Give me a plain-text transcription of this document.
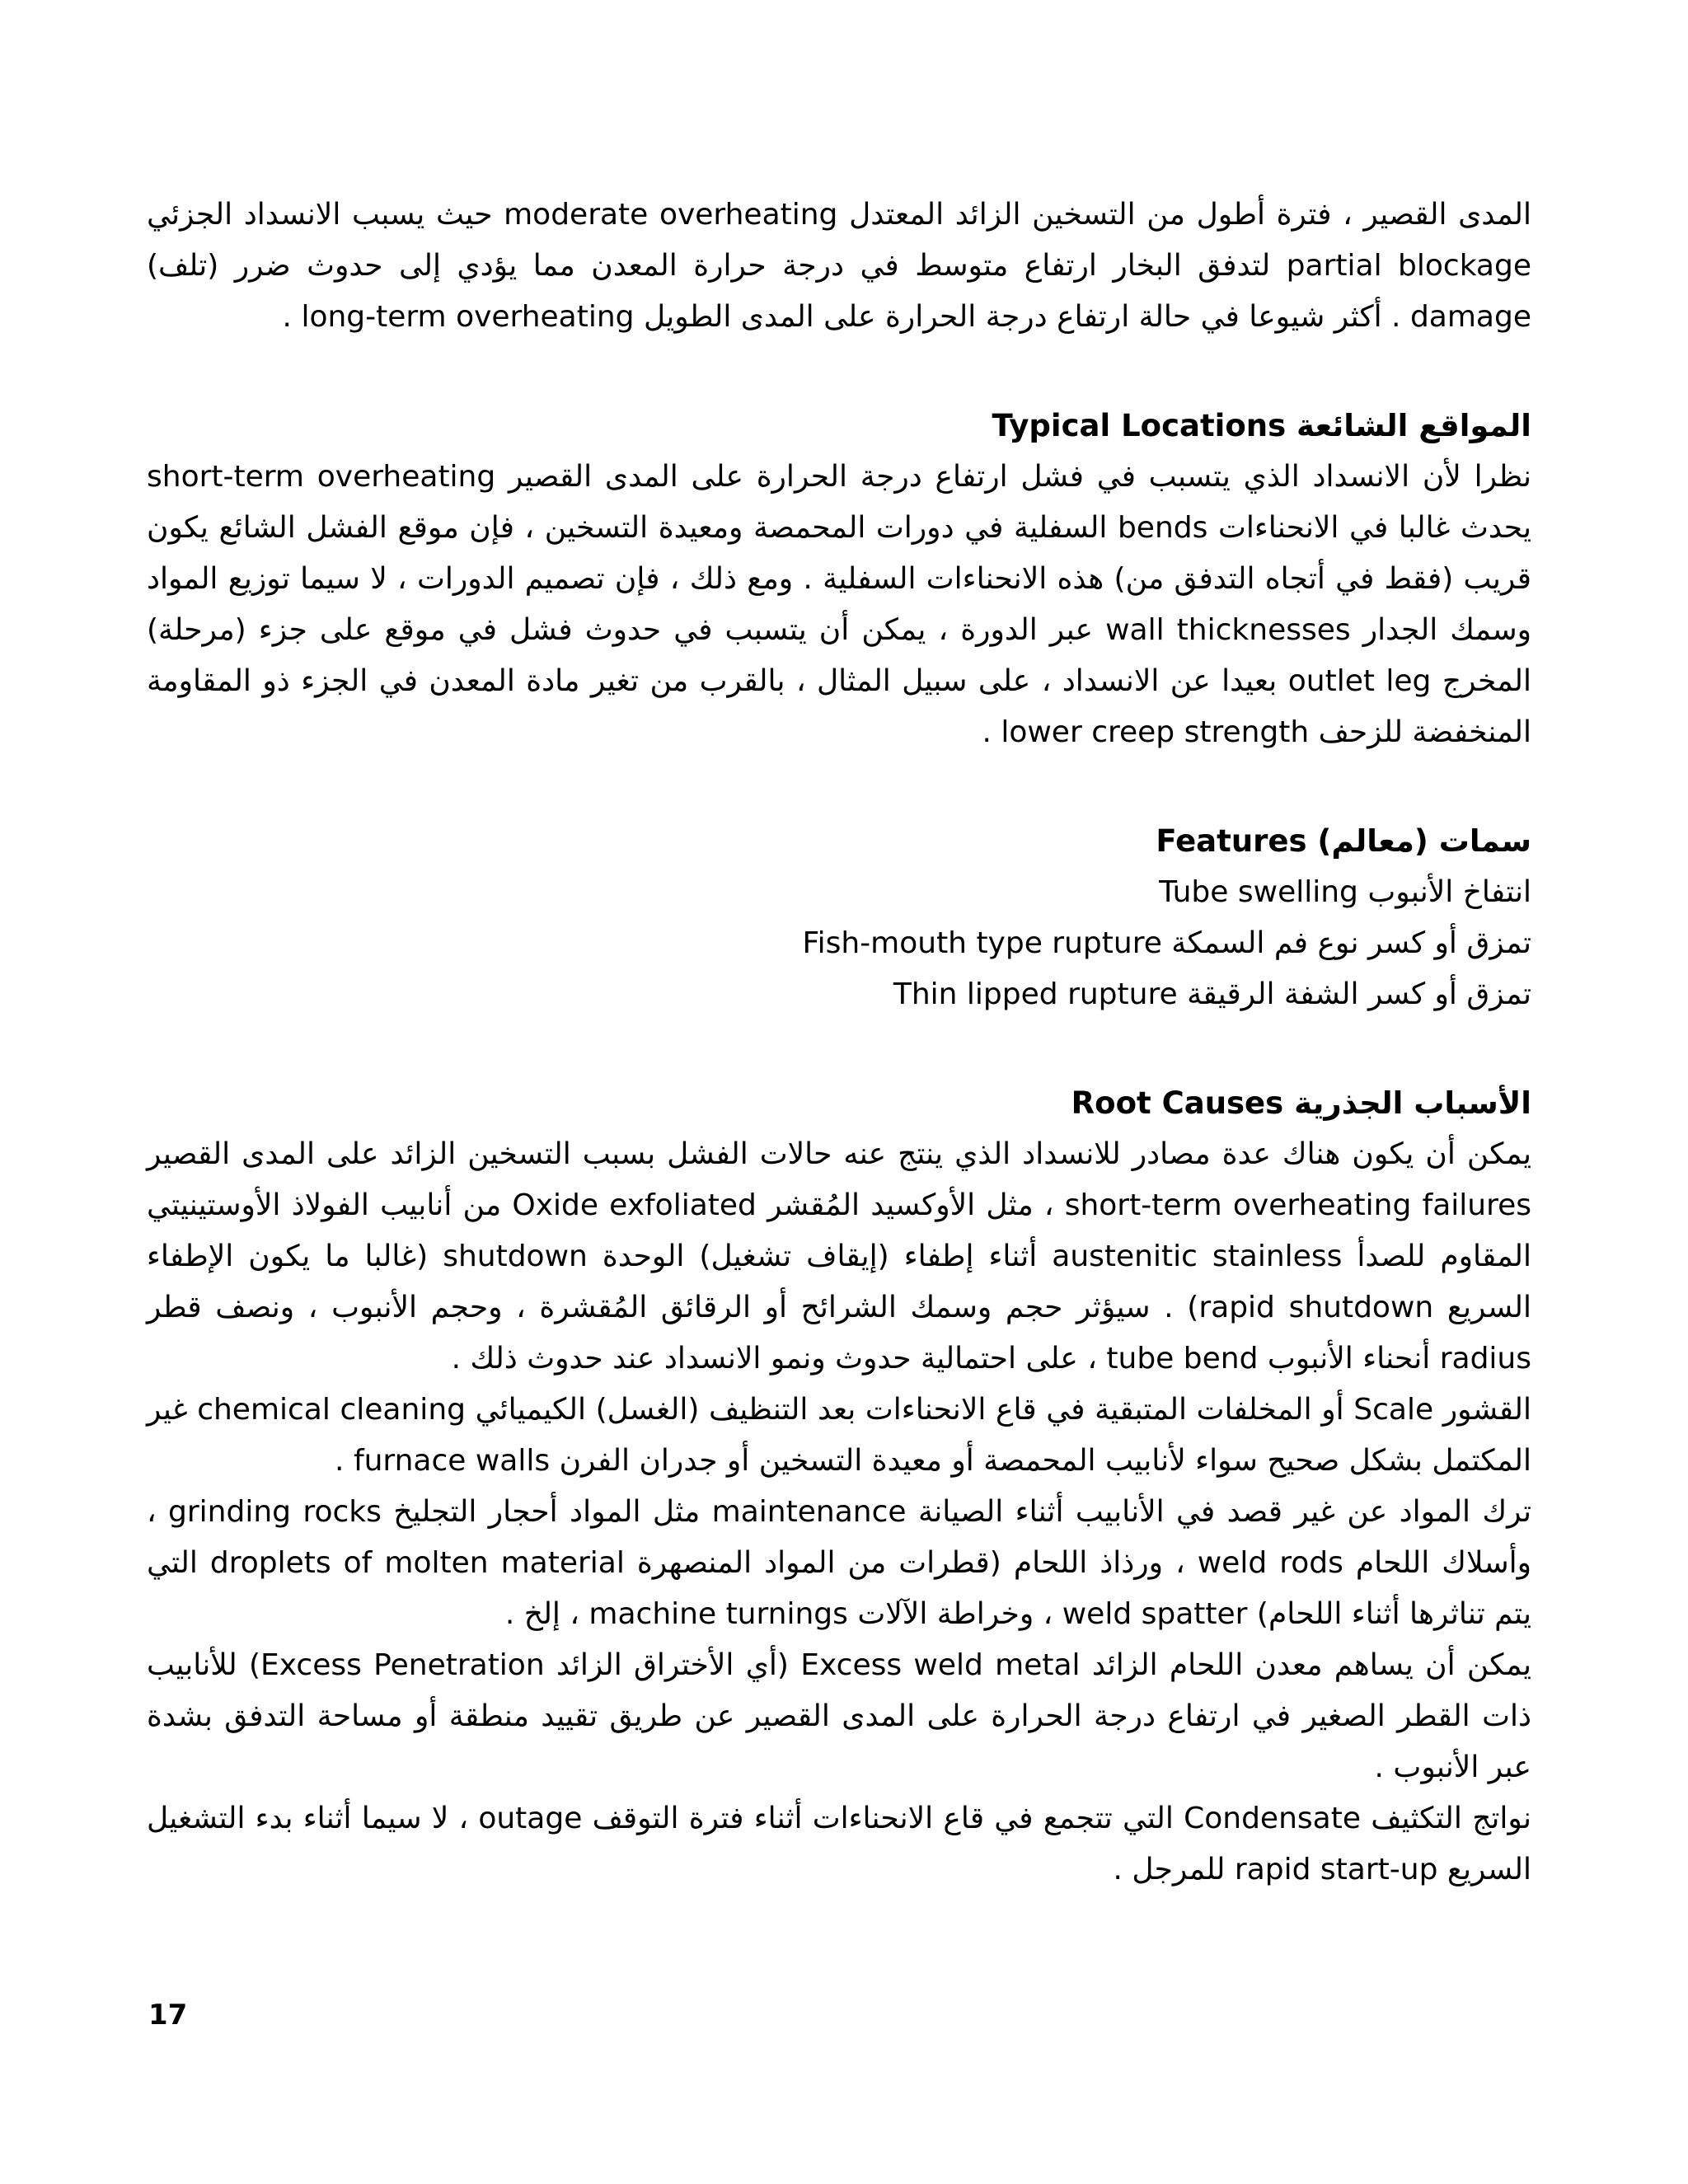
المدى القصير ، فترة أطول من التسخين الزائد المعتدل moderate overheating حيث يسبب الانسداد الجزئي partial blockage لتدفق البخار ارتفاع متوسط في درجة حرارة المعدن مما يؤدي إلى حدوث ضرر (تلف) damage . أكثر شيوعا في حالة ارتفاع درجة الحرارة على المدى الطويل long-term overheating .

المواقع الشائعة Typical Locations

نظرا لأن الانسداد الذي يتسبب في فشل ارتفاع درجة الحرارة على المدى القصير short-term overheating يحدث غالبا في الانحناءات bends السفلية في دورات المحمصة ومعيدة التسخين ، فإن موقع الفشل الشائع يكون قريب (فقط في أتجاه التدفق من) هذه الانحناءات السفلية . ومع ذلك ، فإن تصميم الدورات ، لا سيما توزيع المواد وسمك الجدار wall thicknesses عبر الدورة ، يمكن أن يتسبب في حدوث فشل في موقع على جزء (مرحلة) المخرج outlet leg بعيدا عن الانسداد ، على سبيل المثال ، بالقرب من تغير مادة المعدن في الجزء ذو المقاومة المنخفضة للزحف lower creep strength .

سمات (معالم) Features

انتفاخ الأنبوب Tube swelling

تمزق أو كسر نوع فم السمكة Fish-mouth type rupture

تمزق أو كسر الشفة الرقيقة Thin lipped rupture

الأسباب الجذرية Root Causes

يمكن أن يكون هناك عدة مصادر للانسداد الذي ينتج عنه حالات الفشل بسبب التسخين الزائد على المدى القصير short-term overheating failures ، مثل الأوكسيد المُقشر Oxide exfoliated من أنابيب الفولاذ الأوستينيتي المقاوم للصدأ austenitic stainless أثناء إطفاء (إيقاف تشغيل) الوحدة shutdown (غالبا ما يكون الإطفاء السريع rapid shutdown) . سيؤثر حجم وسمك الشرائح أو الرقائق المُقشرة ، وحجم الأنبوب ، ونصف قطر radius أنحناء الأنبوب tube bend ، على احتمالية حدوث ونمو الانسداد عند حدوث ذلك .

القشور Scale أو المخلفات المتبقية في قاع الانحناءات بعد التنظيف (الغسل) الكيميائي chemical cleaning غير المكتمل بشكل صحيح سواء لأنابيب المحمصة أو معيدة التسخين أو جدران الفرن furnace walls .

ترك المواد عن غير قصد في الأنابيب أثناء الصيانة maintenance مثل المواد أحجار التجليخ grinding rocks ، وأسلاك اللحام weld rods ، ورذاذ اللحام (قطرات من المواد المنصهرة droplets of molten material التي يتم تناثرها أثناء اللحام) weld spatter ، وخراطة الآلات machine turnings ، إلخ .

يمكن أن يساهم معدن اللحام الزائد Excess weld metal (أي الأختراق الزائد Excess Penetration) للأنابيب ذات القطر الصغير في ارتفاع درجة الحرارة على المدى القصير عن طريق تقييد منطقة أو مساحة التدفق بشدة عبر الأنبوب .

نواتج التكثيف Condensate التي تتجمع في قاع الانحناءات أثناء فترة التوقف outage ، لا سيما أثناء بدء التشغيل السريع rapid start-up للمرجل .

17
